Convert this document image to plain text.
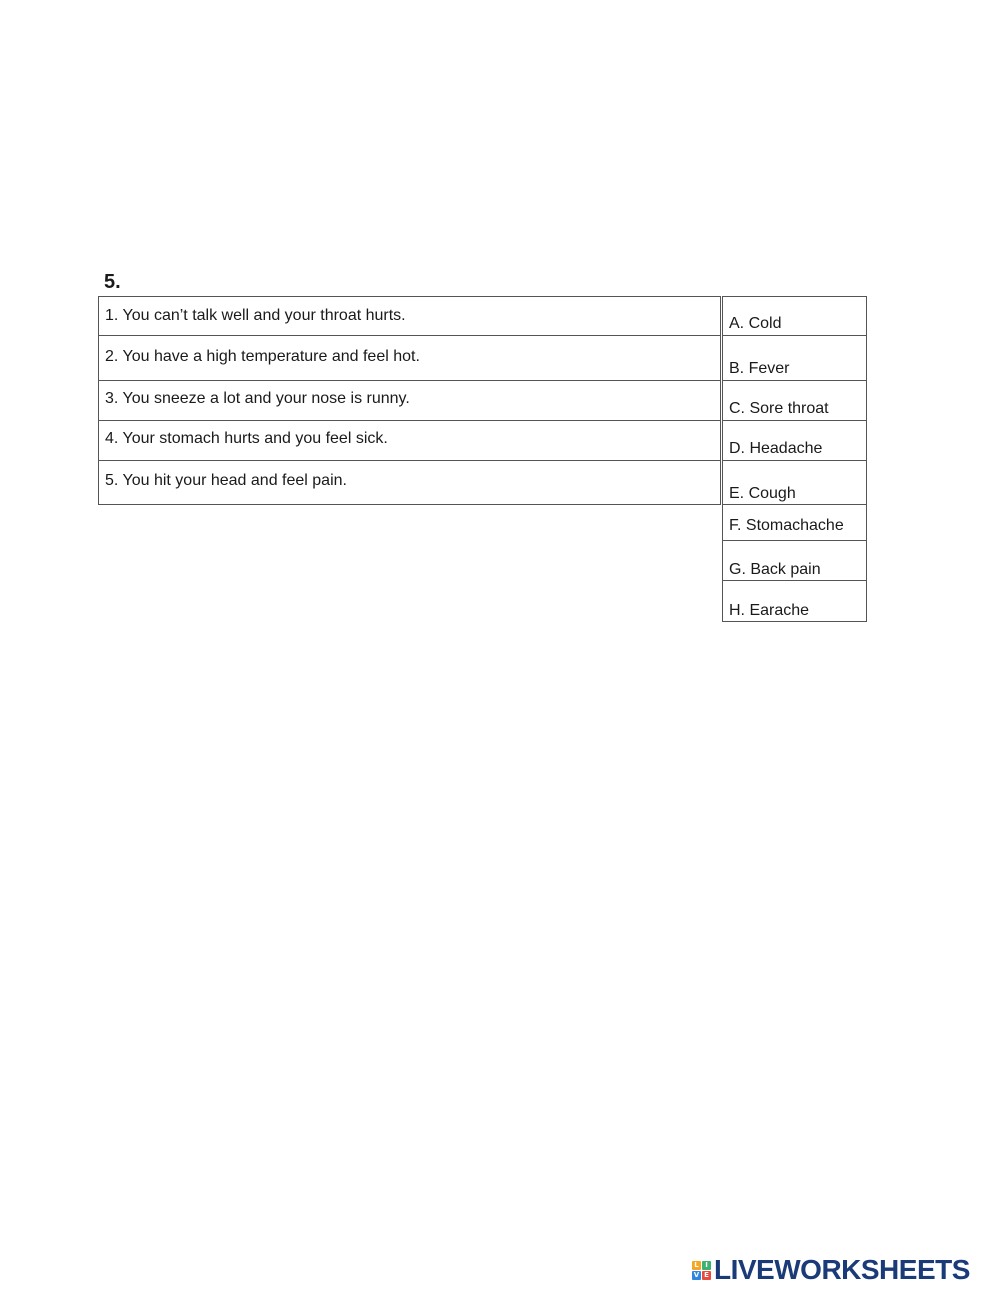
5.
1. You can’t talk well and your throat hurts.
2. You have a high temperature and feel hot.
3. You sneeze a lot and your nose is runny.
4. Your stomach hurts and you feel sick.
5. You hit your head and feel pain.
A. Cold
B. Fever
C. Sore throat
D. Headache
E. Cough
F. Stomachache
G. Back pain
H. Earache
L I
V E LIVEWORKSHEETS
